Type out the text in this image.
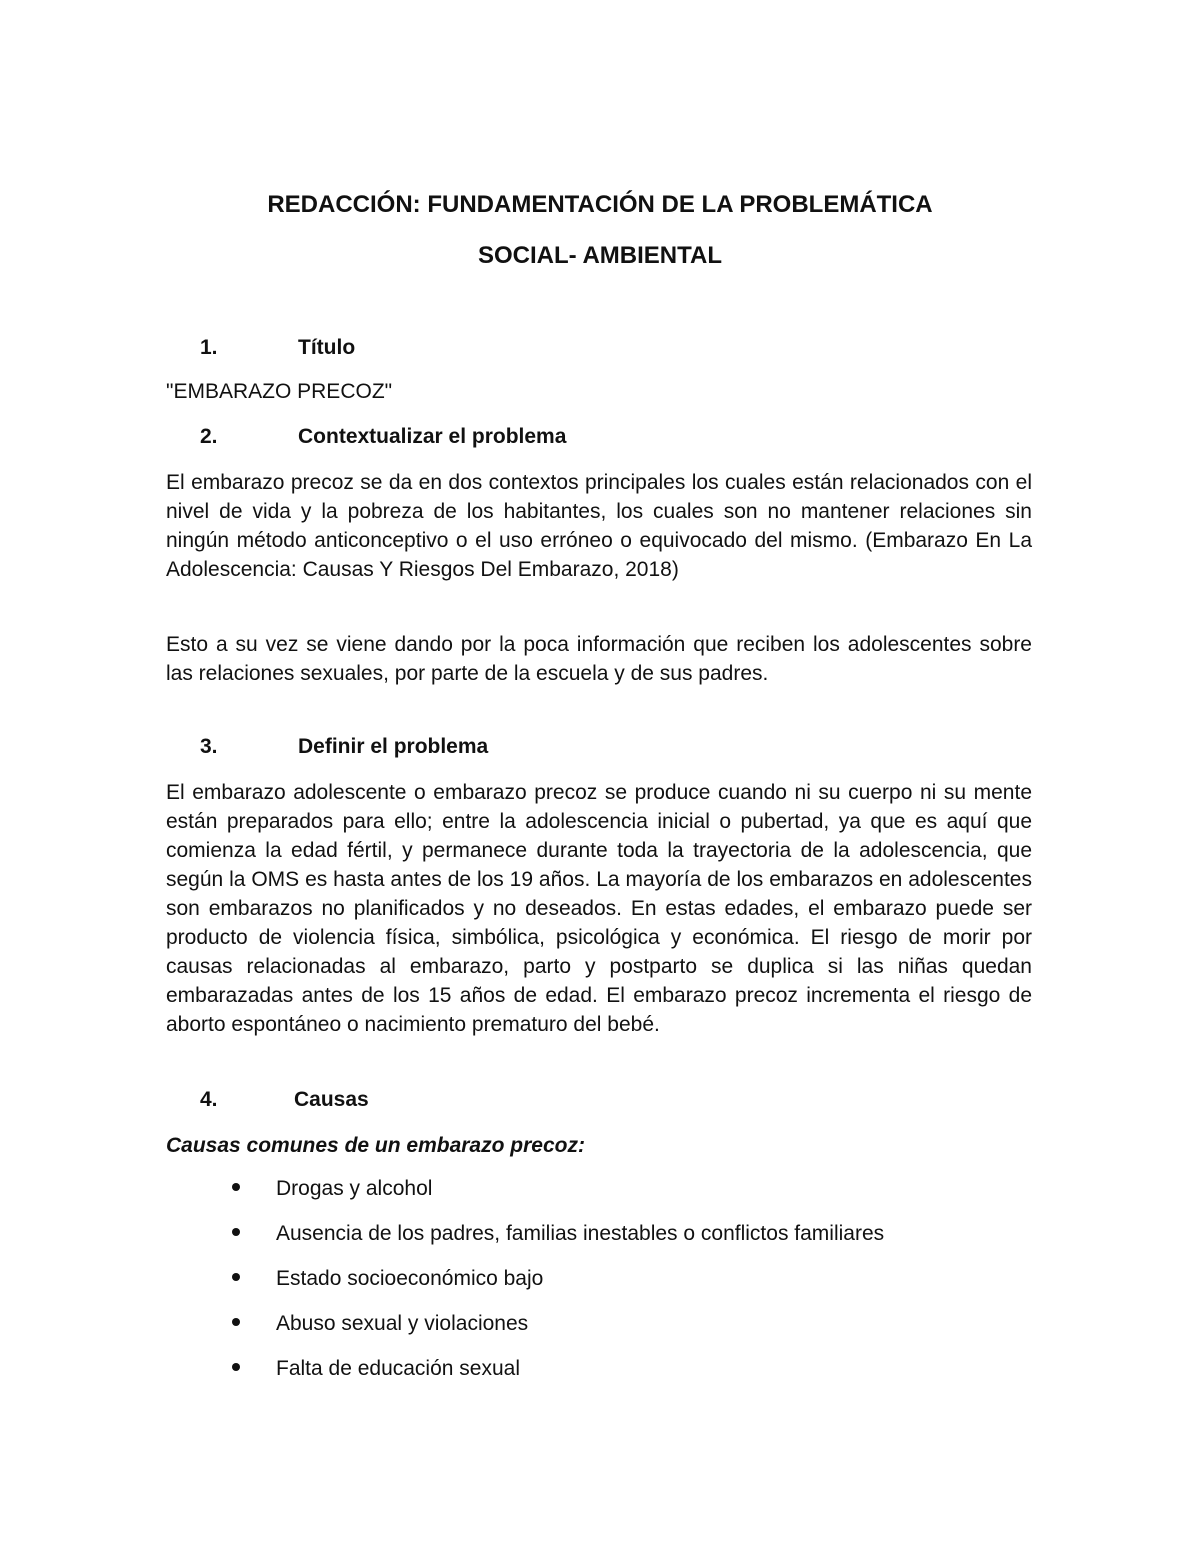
REDACCIÓN: FUNDAMENTACIÓN DE LA PROBLEMÁTICA
SOCIAL- AMBIENTAL
1.	Título
"EMBARAZO PRECOZ"
2.	Contextualizar el problema

El embarazo precoz se da en dos contextos principales los cuales están relacionados con el nivel de vida y la pobreza de los habitantes, los cuales son no mantener relaciones sin ningún método anticonceptivo o el uso erróneo o equivocado del mismo. (Embarazo En La Adolescencia: Causas Y Riesgos Del Embarazo, 2018)

Esto a su vez se viene dando por la poca información que reciben los adolescentes sobre las relaciones sexuales, por parte de la escuela y de sus padres.

3.	Definir el problema

El embarazo adolescente o embarazo precoz se produce cuando ni su cuerpo ni su mente están preparados para ello; entre la adolescencia inicial o pubertad, ya que es aquí que comienza la edad fértil, y permanece durante toda la trayectoria de la adolescencia, que según la OMS es hasta antes de los 19 años. La mayoría de los embarazos en adolescentes son embarazos no planificados y no deseados. En estas edades, el embarazo puede ser producto de violencia física, simbólica, psicológica y económica. El riesgo de morir por causas relacionadas al embarazo, parto y postparto se duplica si las niñas quedan embarazadas antes de los 15 años de edad. El embarazo precoz incrementa el riesgo de aborto espontáneo o nacimiento prematuro del bebé.

4.	Causas
Causas comunes de un embarazo precoz:
Drogas y alcohol
Ausencia de los padres, familias inestables o conflictos familiares
Estado socioeconómico bajo
Abuso sexual y violaciones
Falta de educación sexual
